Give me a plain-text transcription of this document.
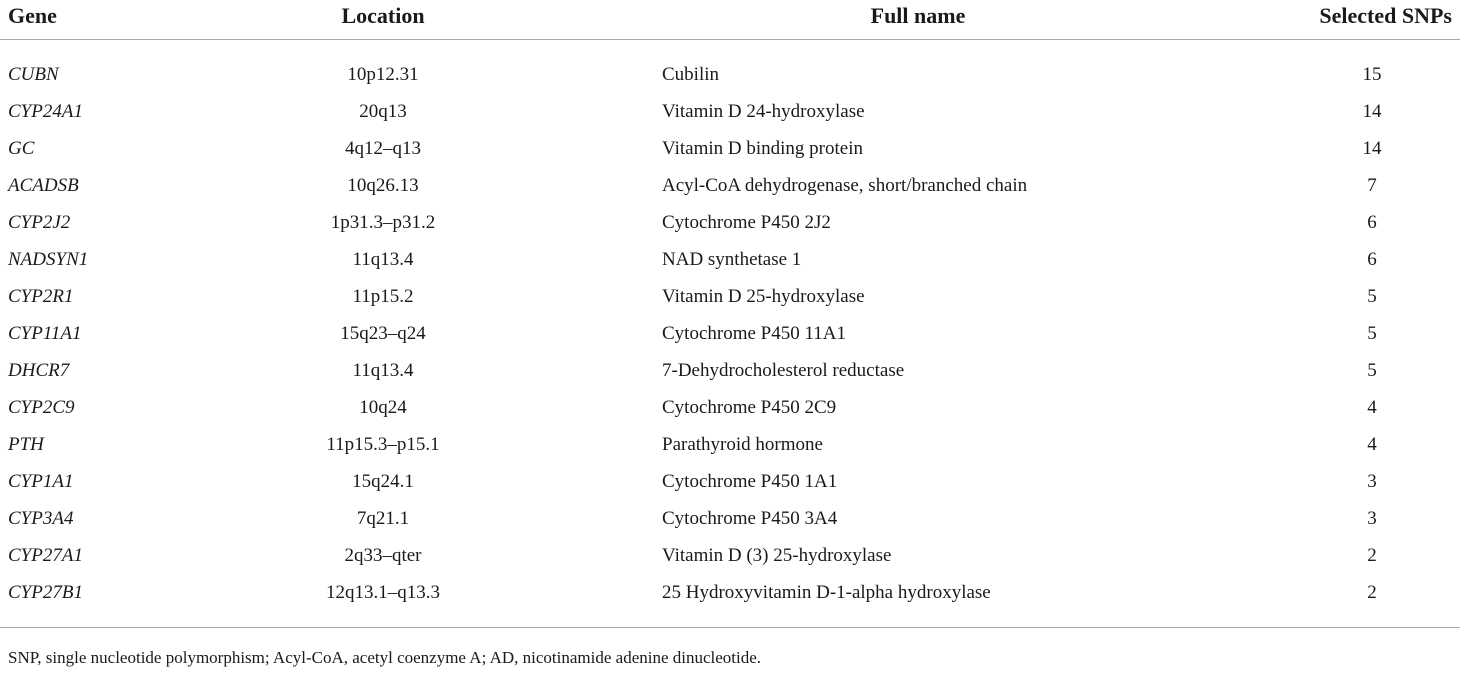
Gene	Location	Full name	Selected SNPs

CUBN	10p12.31	Cubilin	15
CYP24A1	20q13	Vitamin D 24-hydroxylase	14
GC	4q12–q13	Vitamin D binding protein	14
ACADSB	10q26.13	Acyl-CoA dehydrogenase, short/branched chain	7
CYP2J2	1p31.3–p31.2	Cytochrome P450 2J2	6
NADSYN1	11q13.4	NAD synthetase 1	6
CYP2R1	11p15.2	Vitamin D 25-hydroxylase	5
CYP11A1	15q23–q24	Cytochrome P450 11A1	5
DHCR7	11q13.4	7-Dehydrocholesterol reductase	5
CYP2C9	10q24	Cytochrome P450 2C9	4
PTH	11p15.3–p15.1	Parathyroid hormone	4
CYP1A1	15q24.1	Cytochrome P450 1A1	3
CYP3A4	7q21.1	Cytochrome P450 3A4	3
CYP27A1	2q33–qter	Vitamin D (3) 25-hydroxylase	2
CYP27B1	12q13.1–q13.3	25 Hydroxyvitamin D-1-alpha hydroxylase	2

SNP, single nucleotide polymorphism; Acyl-CoA, acetyl coenzyme A; AD, nicotinamide adenine dinucleotide.
